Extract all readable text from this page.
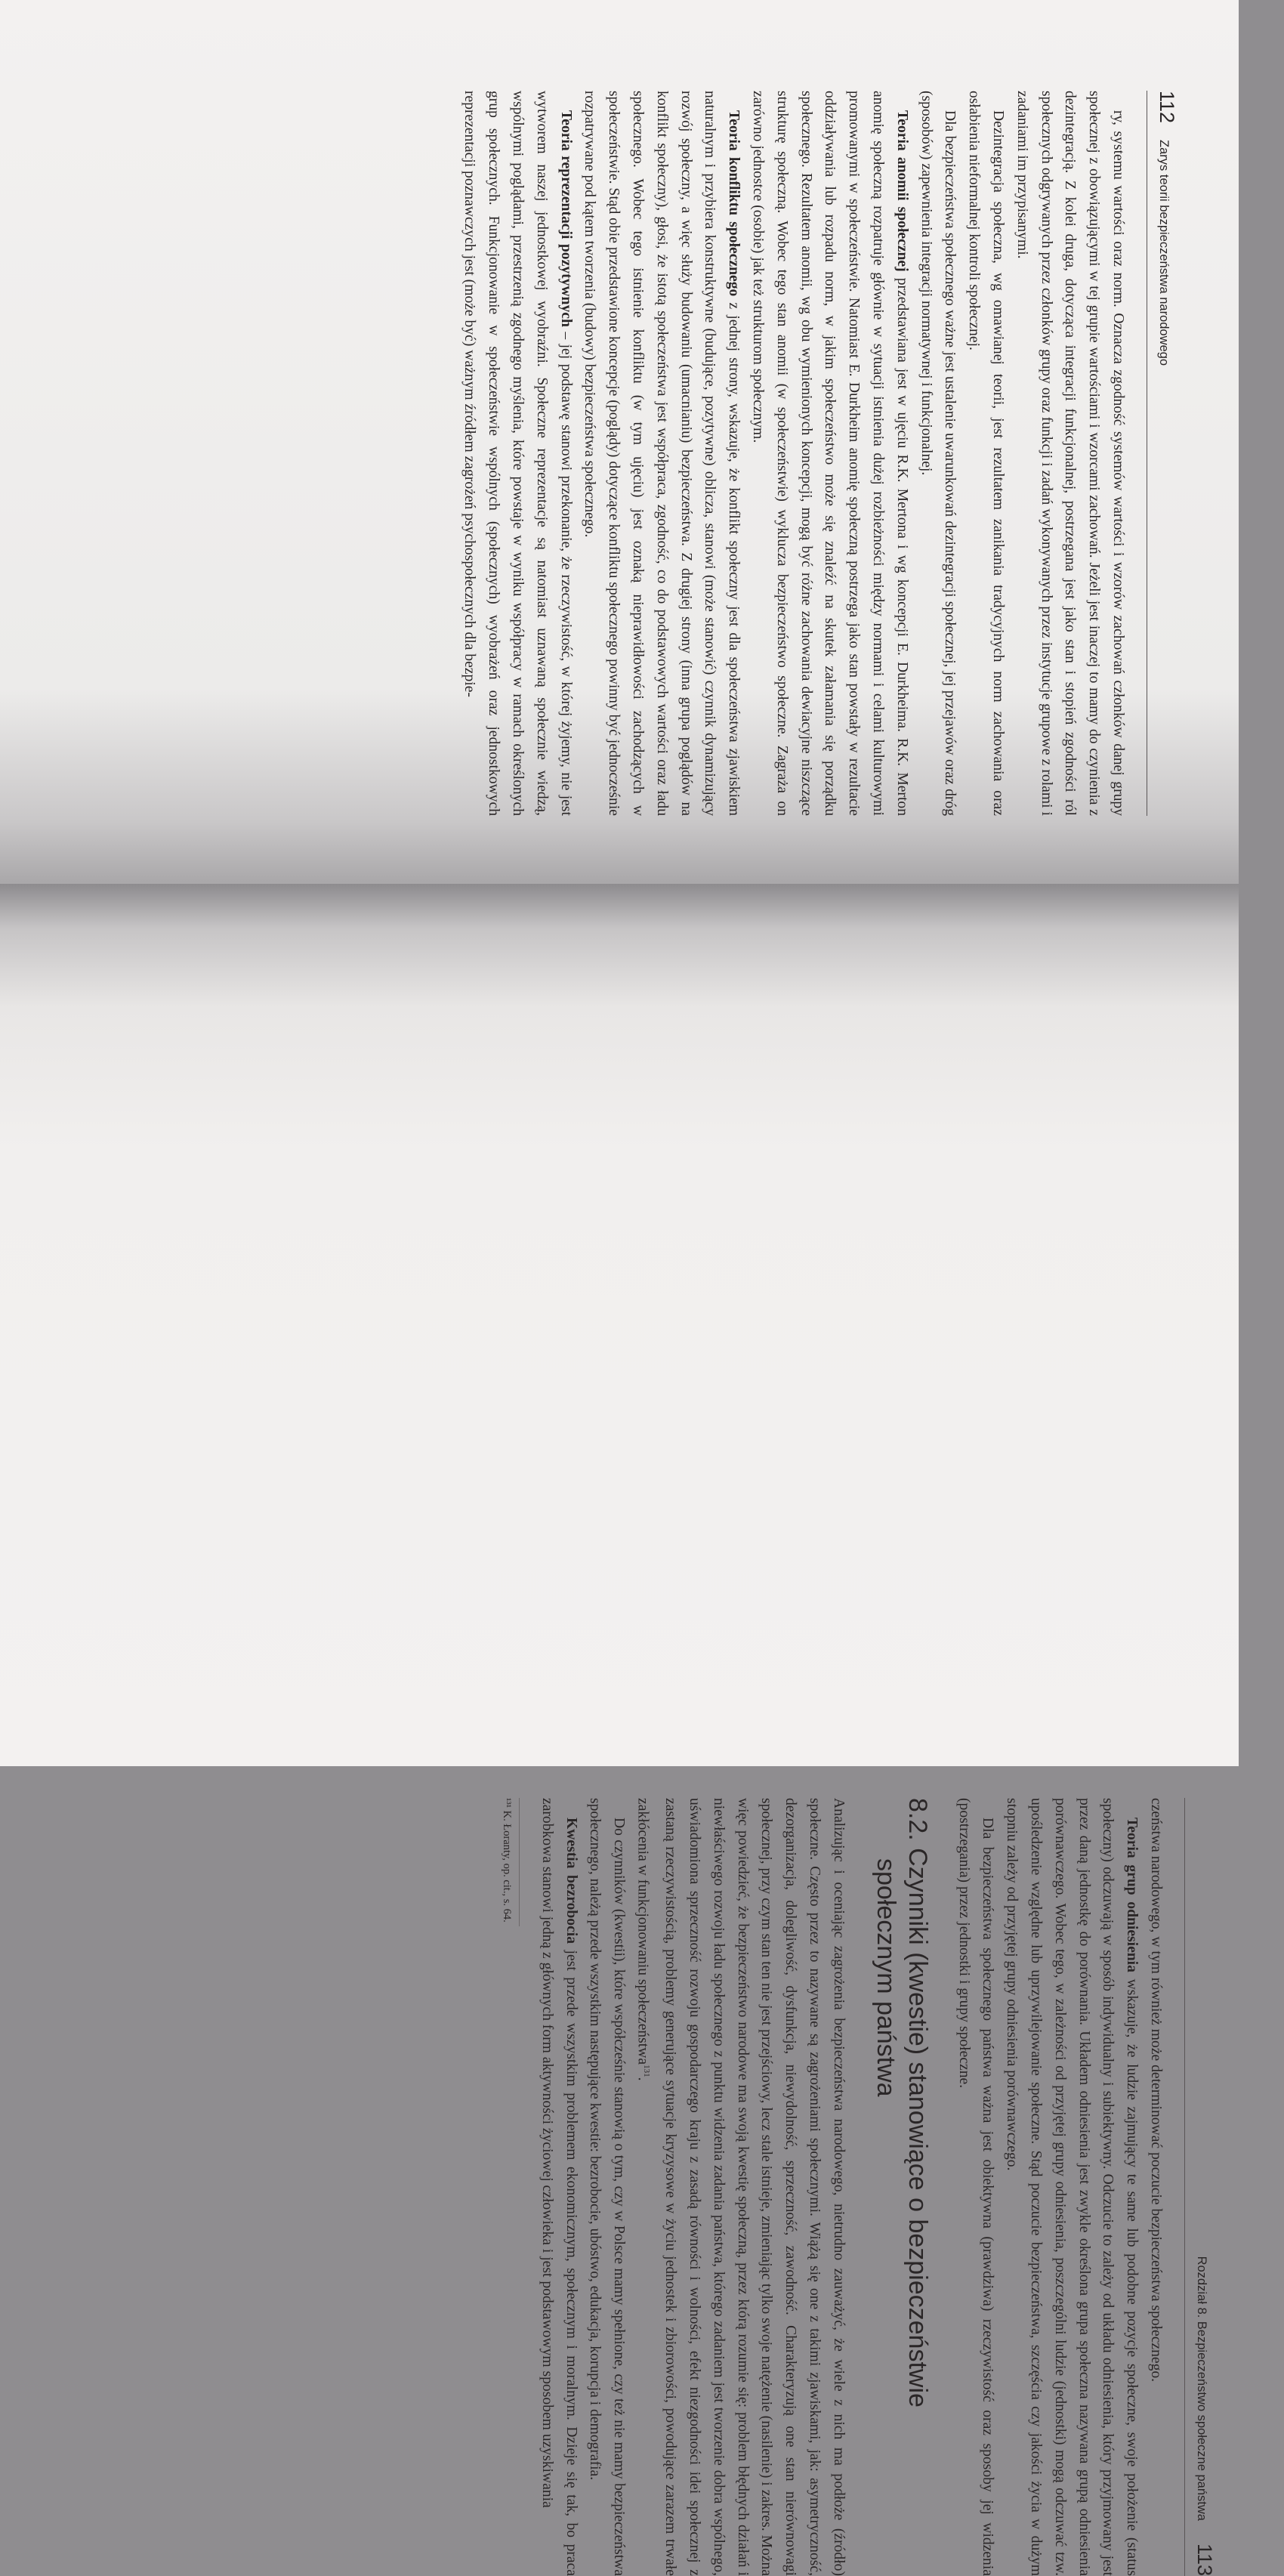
112
Zarys teorii bezpieczeństwa narodowego

ry, systemu wartości oraz norm. Oznacza zgodność systemów wartości i wzorów zachowań członków danej grupy społecznej z obowiązującymi w tej grupie wartościami i wzorcami zachowań. Jeżeli jest inaczej to mamy do czynienia z dezintegracją. Z kolei druga, dotycząca integracji funkcjonalnej, postrzegana jest jako stan i stopień zgodności ról społecznych odgrywanych przez członków grupy oraz funkcji i zadań wykonywanych przez instytucje grupowe z rolami i zadaniami im przypisanymi.

Dezintegracja społeczna, wg omawianej teorii, jest rezultatem zanikania tradycyjnych norm zachowania oraz osłabienia nieformalnej kontroli społecznej.

Dla bezpieczeństwa społecznego ważne jest ustalenie uwarunkowań dezintegracji społecznej, jej przejawów oraz dróg (sposobów) zapewnienia integracji normatywnej i funkcjonalnej.

Teoria anomii społecznej przedstawiana jest w ujęciu R.K. Mertona i wg koncepcji E. Durkheima. R.K. Merton anomię społeczną rozpatruje głównie w sytuacji istnienia dużej rozbieżności między normami i celami kulturowymi promowanymi w społeczeństwie. Natomiast E. Durkheim anomię społeczną postrzega jako stan powstały w rezultacie oddziaływania lub rozpadu norm, w jakim społeczeństwo może się znaleźć na skutek załamania się porządku społecznego. Rezultatem anomii, wg obu wymienionych koncepcji, mogą być różne zachowania dewiacyjne niszczące strukturę społeczną. Wobec tego stan anomii (w społeczeństwie) wyklucza bezpieczeństwo społeczne. Zagraża on zarówno jednostce (osobie) jak też strukturom społecznym.

Teoria konfliktu społecznego z jednej strony, wskazuje, że konflikt społeczny jest dla społeczeństwa zjawiskiem naturalnym i przybiera konstruktywne (budujące, pozytywne) oblicza, stanowi (może stanowić) czynnik dynamizujący rozwój społeczny, a więc służy budowaniu (umacnianiu) bezpieczeństwa. Z drugiej strony (inna grupa poglądów na konflikt społeczny), głosi, że istotą społeczeństwa jest współpraca, zgodność, co do podstawowych wartości oraz ładu społecznego. Wobec tego istnienie konfliktu (w tym ujęciu) jest oznaką nieprawidłowości zachodzących w społeczeństwie. Stąd obie przedstawione koncepcje (poglądy) dotyczące konfliktu społecznego powinny być jednocześnie rozpatrywane pod kątem tworzenia (budowy) bezpieczeństwa społecznego.

Teoria reprezentacji pozytywnych – jej podstawę stanowi przekonanie, że rzeczywistość, w której żyjemy, nie jest wytworem naszej jednostkowej wyobraźni. Społeczne reprezentacje są natomiast uznawaną społecznie wiedzą, wspólnymi poglądami, przestrzenią zgodnego myślenia, które powstaje w wyniku współpracy w ramach określonych grup społecznych. Funkcjonowanie w społeczeństwie wspólnych (społecznych) wyobrażeń oraz jednostkowych reprezentacji poznawczych jest (może być) ważnym źródłem zagrożeń psychospołecznych dla bezpie-

Rozdział 8. Bezpieczeństwo społeczne państwa
113

czeństwa narodowego, w tym również może determinować poczucie bezpieczeństwa społecznego.

Teoria grup odniesienia wskazuje, że ludzie zajmujący te same lub podobne pozycje społeczne, swoje położenie (status społeczny) odczuwają w sposób indywidualny i subiektywny. Odczucie to zależy od układu odniesienia, który przyjmowany jest przez daną jednostkę do porównania. Układem odniesienia jest zwykle określona grupa społeczna nazywana grupą odniesienia porównawczego. Wobec tego, w zależności od przyjętej grupy odniesienia, poszczególni ludzie (jednostki) mogą odczuwać tzw. upośledzenie względne lub uprzywilejowanie społeczne. Stąd poczucie bezpieczeństwa, szczęścia czy jakości życia w dużym stopniu zależy od przyjętej grupy odniesienia porównawczego.

Dla bezpieczeństwa społecznego państwa ważna jest obiektywna (prawdziwa) rzeczywistość oraz sposoby jej widzenia (postrzegania) przez jednostki i grupy społeczne.

8.2. Czynniki (kwestie) stanowiące o bezpieczeństwie
społecznym państwa

Analizując i oceniając zagrożenia bezpieczeństwa narodowego, nietrudno zauważyć, że wiele z nich ma podłoże (źródło) społeczne. Często przez to nazywane są zagrożeniami społecznymi. Wiążą się one z takimi zjawiskami, jak: asymetryczność, dezorganizacja, dolegliwość, dysfunkcja, niewydolność, sprzeczność, zawodność. Charakteryzują one stan nierównowagi społecznej, przy czym stan ten nie jest przejściowy, lecz stale istnieje, zmieniając tylko swoje natężenie (nasilenie) i zakres. Można więc powiedzieć, że bezpieczeństwo narodowe ma swoją kwestię społeczną, przez którą rozumie się: problem błędnych działań i niewłaściwego rozwoju ładu społecznego z punktu widzenia zadania państwa, którego zadaniem jest tworzenie dobra wspólnego, uświadomiona sprzeczność rozwoju gospodarczego kraju z zasadą równości i wolności, efekt niezgodności idei społecznej z zastaną rzeczywistością, problemy generujące sytuacje kryzysowe w życiu jednostek i zbiorowości, powodujące zarazem trwałe zakłócenia w funkcjonowaniu społeczeństwa$^{131}$.

Do czynników (kwestii), które współcześnie stanowią o tym, czy w Polsce mamy spełnione, czy też nie mamy bezpieczeństwa społecznego, należą przede wszystkim następujące kwestie: bezrobocie, ubóstwo, edukacja, korupcja i demografia.

Kwestia bezrobocia jest przede wszystkim problemem ekonomicznym, społecznym i moralnym. Dzieje się tak, bo praca zarobkowa stanowi jedną z głównych form aktywności życiowej człowieka i jest podstawowym sposobem uzyskiwania

¹³¹ K. Łoranty, op. cit., s. 64.
